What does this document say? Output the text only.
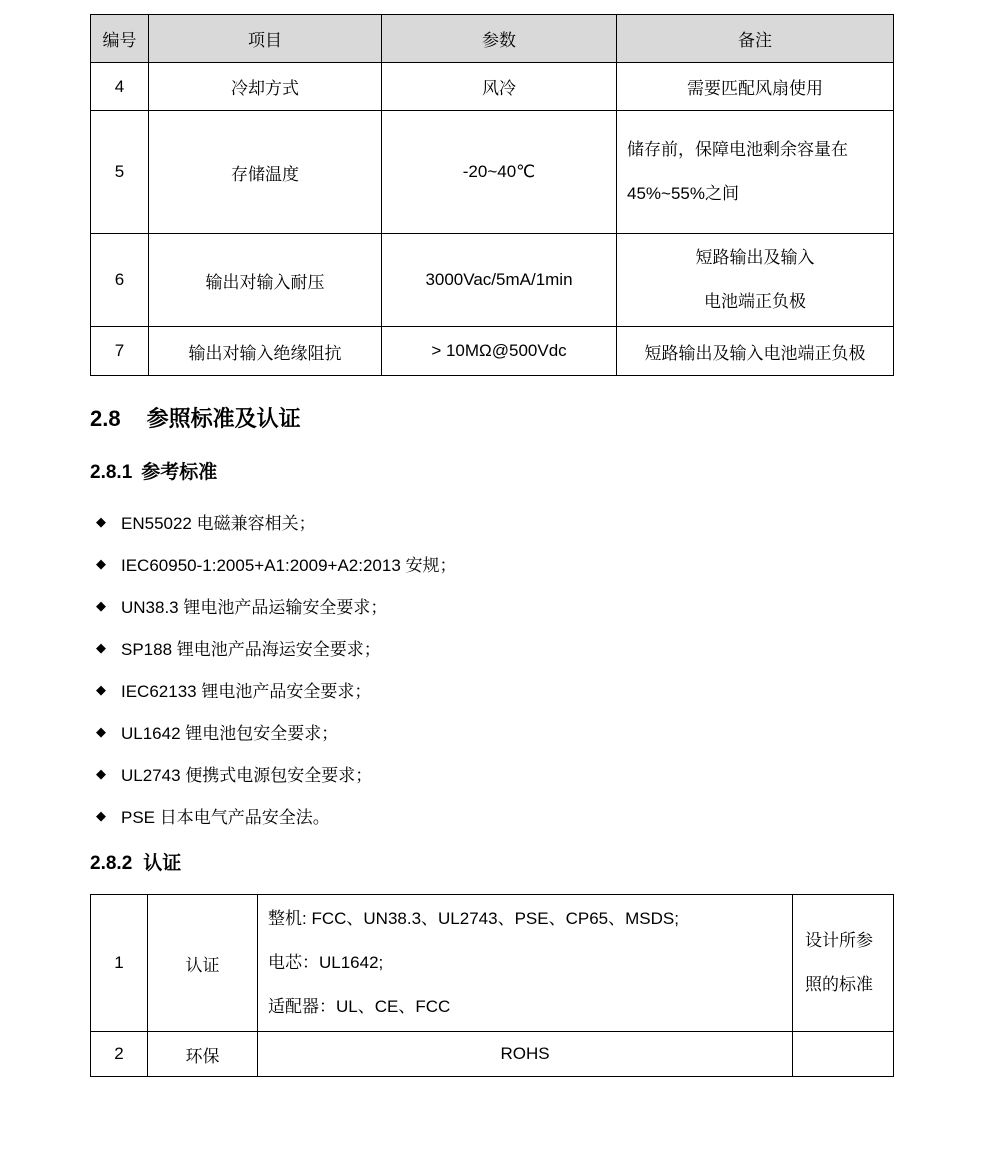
编号	项目	参数	备注
4	冷却方式	风冷	需要匹配风扇使用
5	存储温度	-20~40℃	储存前，保障电池剩余容量在
45%~55%之间

6	输出对输入耐压	3000Vac/5mA/1min	短路输出及输入
电池端正负极

7	输出对输入绝缘阻抗	> 10MΩ@500Vdc	短路输出及输入电池端正负极
2.8 参照标准及认证
2.8.1 参考标准
◆ EN55022 电磁兼容相关；
◆ IEC60950-1:2005+A1:2009+A2:2013 安规；
◆ UN38.3 锂电池产品运输安全要求；
◆ SP188 锂电池产品海运安全要求；
◆ IEC62133 锂电池产品安全要求；
◆ UL1642 锂电池包安全要求；
◆ UL2743 便携式电源包安全要求；
◆ PSE 日本电气产品安全法。
2.8.2 认证
1	认证	整机: FCC、UN38.3、UL2743、PSE、CP65、MSDS;
电芯：UL1642;
适配器：UL、CE、FCC	设计所参照的标准
2	环保	ROHS	
